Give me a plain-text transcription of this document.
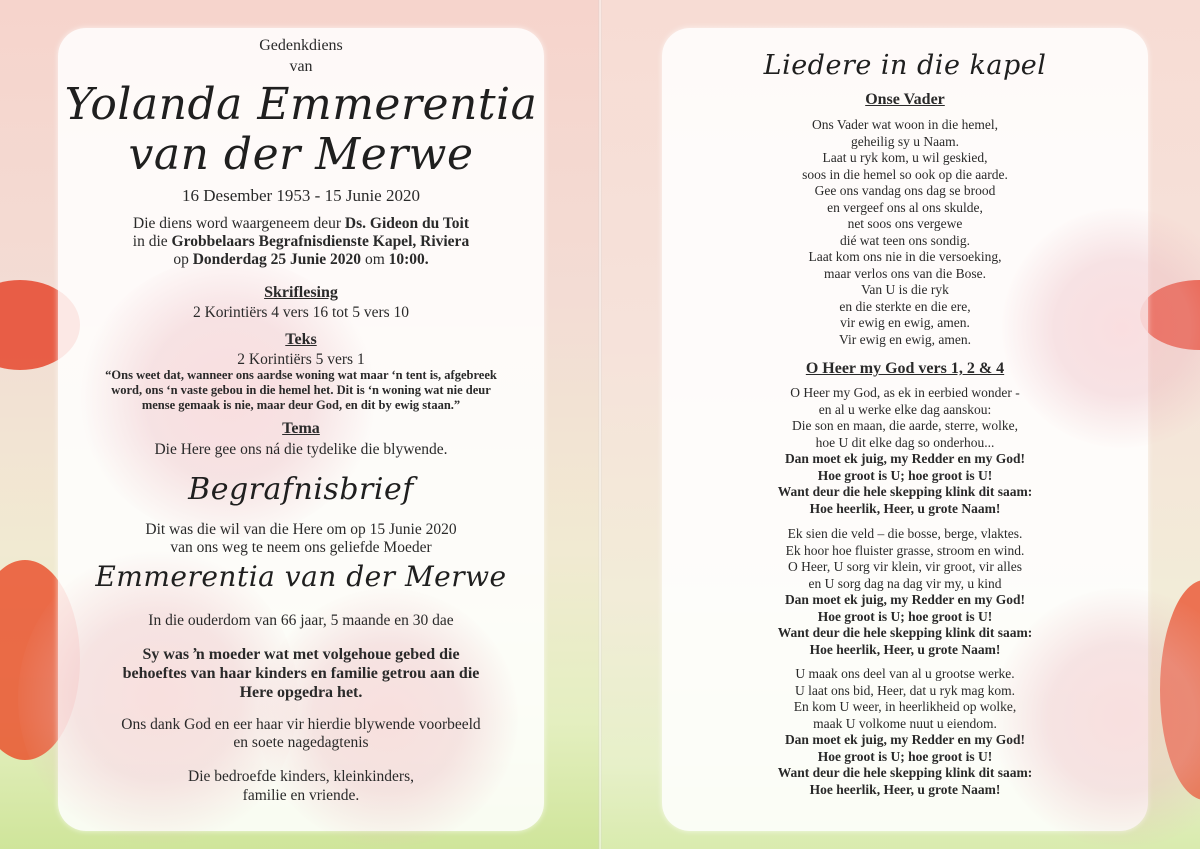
Gedenkdiens
van
Yolanda Emmerentia
van der Merwe
16 Desember 1953 - 15 Junie 2020
Die diens word waargeneem deur Ds. Gideon du Toit
in die Grobbelaars Begrafnisdienste Kapel, Riviera
op Donderdag 25 Junie 2020 om 10:00.
Skriflesing
2 Korintiërs 4 vers 16 tot 5 vers 10
Teks
2 Korintiërs 5 vers 1
“Ons weet dat, wanneer ons aardse woning wat maar ‘n tent is, afgebreek
word, ons ‘n vaste gebou in die hemel het. Dit is ‘n woning wat nie deur
mense gemaak is nie, maar deur God, en dit by ewig staan.”
Tema
Die Here gee ons ná die tydelike die blywende.
Begrafnisbrief
Dit was die wil van die Here om op 15 Junie 2020
van ons weg te neem ons geliefde Moeder
Emmerentia van der Merwe
In die ouderdom van 66 jaar, 5 maande en 30 dae
Sy was ŉ moeder wat met volgehoue gebed die
behoeftes van haar kinders en familie getrou aan die
Here opgedra het.
Ons dank God en eer haar vir hierdie blywende voorbeeld
en soete nagedagtenis
Die bedroefde kinders, kleinkinders,
familie en vriende.
Liedere in die kapel
Onse Vader
Ons Vader wat woon in die hemel,
geheilig sy u Naam.
Laat u ryk kom, u wil geskied,
soos in die hemel so ook op die aarde.
Gee ons vandag ons dag se brood
en vergeef ons al ons skulde,
net soos ons vergewe
dié wat teen ons sondig.
Laat kom ons nie in die versoeking,
maar verlos ons van die Bose.
Van U is die ryk
en die sterkte en die ere,
vir ewig en ewig, amen.
Vir ewig en ewig, amen.
O Heer my God vers 1, 2 & 4
O Heer my God, as ek in eerbied wonder -
en al u werke elke dag aanskou:
Die son en maan, die aarde, sterre, wolke,
hoe U dit elke dag so onderhou...
Dan moet ek juig, my Redder en my God!
Hoe groot is U; hoe groot is U!
Want deur die hele skepping klink dit saam:
Hoe heerlik, Heer, u grote Naam!
Ek sien die veld – die bosse, berge, vlaktes.
Ek hoor hoe fluister grasse, stroom en wind.
O Heer, U sorg vir klein, vir groot, vir alles
en U sorg dag na dag vir my, u kind
Dan moet ek juig, my Redder en my God!
Hoe groot is U; hoe groot is U!
Want deur die hele skepping klink dit saam:
Hoe heerlik, Heer, u grote Naam!
U maak ons deel van al u grootse werke.
U laat ons bid, Heer, dat u ryk mag kom.
En kom U weer, in heerlikheid op wolke,
maak U volkome nuut u eiendom.
Dan moet ek juig, my Redder en my God!
Hoe groot is U; hoe groot is U!
Want deur die hele skepping klink dit saam:
Hoe heerlik, Heer, u grote Naam!
